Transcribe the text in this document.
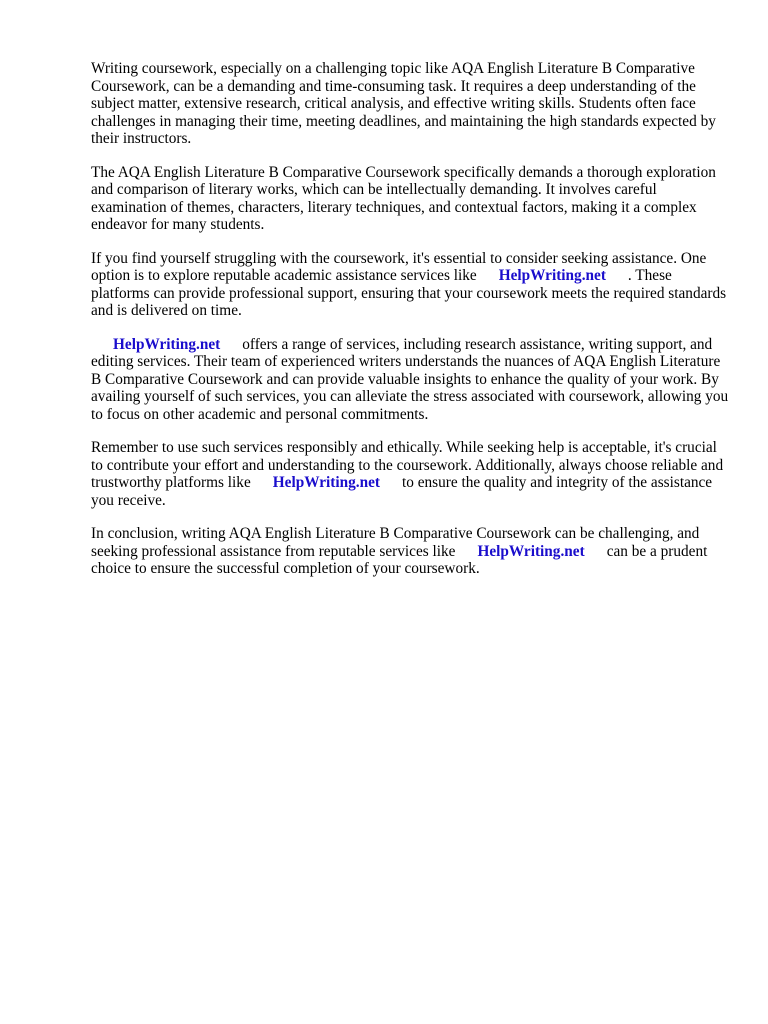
Writing coursework, especially on a challenging topic like AQA English Literature B Comparative Coursework, can be a demanding and time-consuming task. It requires a deep understanding of the subject matter, extensive research, critical analysis, and effective writing skills. Students often face challenges in managing their time, meeting deadlines, and maintaining the high standards expected by their instructors.

The AQA English Literature B Comparative Coursework specifically demands a thorough exploration and comparison of literary works, which can be intellectually demanding. It involves careful examination of themes, characters, literary techniques, and contextual factors, making it a complex endeavor for many students.

If you find yourself struggling with the coursework, it's essential to consider seeking assistance. One option is to explore reputable academic assistance services like HelpWriting.net . These platforms can provide professional support, ensuring that your coursework meets the required standards and is delivered on time.

HelpWriting.net offers a range of services, including research assistance, writing support, and editing services. Their team of experienced writers understands the nuances of AQA English Literature B Comparative Coursework and can provide valuable insights to enhance the quality of your work. By availing yourself of such services, you can alleviate the stress associated with coursework, allowing you to focus on other academic and personal commitments.

Remember to use such services responsibly and ethically. While seeking help is acceptable, it's crucial to contribute your effort and understanding to the coursework. Additionally, always choose reliable and trustworthy platforms like HelpWriting.net to ensure the quality and integrity of the assistance you receive.

In conclusion, writing AQA English Literature B Comparative Coursework can be challenging, and seeking professional assistance from reputable services like HelpWriting.net can be a prudent choice to ensure the successful completion of your coursework.
